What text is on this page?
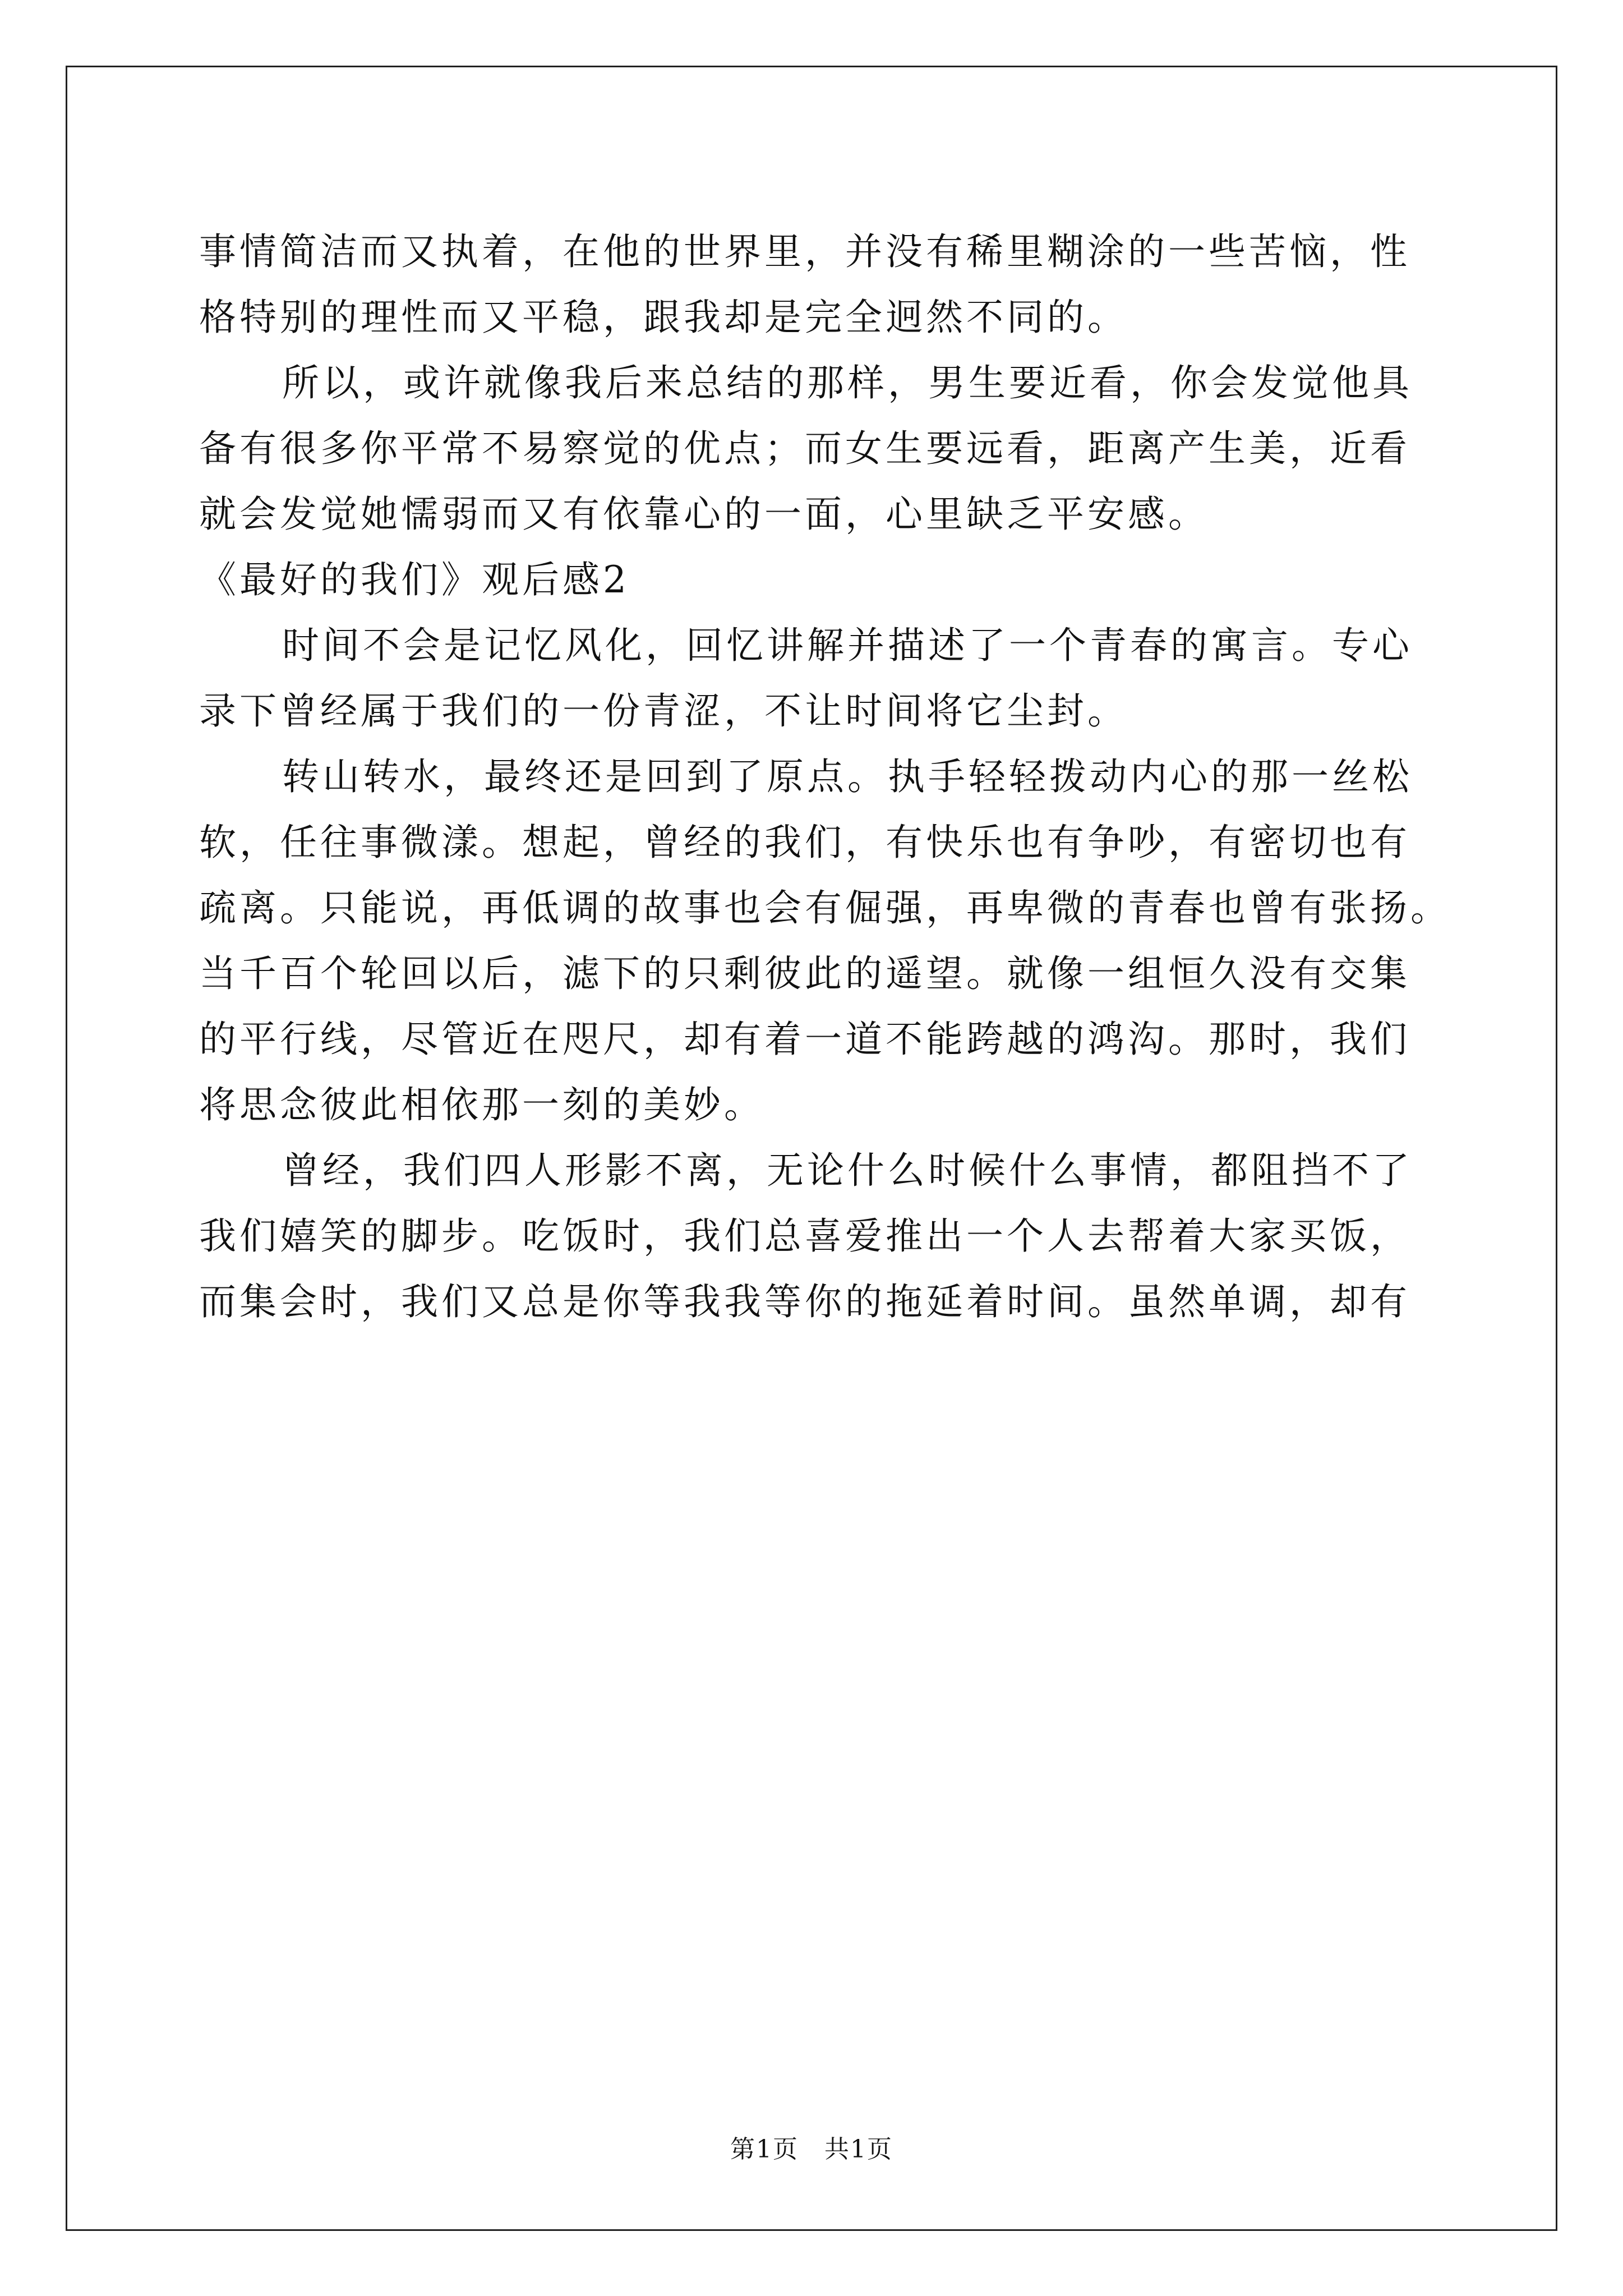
事情简洁而又执着，在他的世界里，并没有稀里糊涂的一些苦恼，性
格特别的理性而又平稳，跟我却是完全迥然不同的。
所以，或许就像我后来总结的那样，男生要近看，你会发觉他具
备有很多你平常不易察觉的优点；而女生要远看，距离产生美，近看
就会发觉她懦弱而又有依靠心的一面，心里缺乏平安感。
《最好的我们》观后感2
时间不会是记忆风化，回忆讲解并描述了一个青春的寓言。专心
录下曾经属于我们的一份青涩，不让时间将它尘封。
转山转水，最终还是回到了原点。执手轻轻拨动内心的那一丝松
软，任往事微漾。想起，曾经的我们，有快乐也有争吵，有密切也有
疏离。只能说，再低调的故事也会有倔强，再卑微的青春也曾有张扬。
当千百个轮回以后，滤下的只剩彼此的遥望。就像一组恒久没有交集
的平行线，尽管近在咫尺，却有着一道不能跨越的鸿沟。那时，我们
将思念彼此相依那一刻的美妙。
曾经，我们四人形影不离，无论什么时候什么事情，都阻挡不了
我们嬉笑的脚步。吃饭时，我们总喜爱推出一个人去帮着大家买饭，
而集会时，我们又总是你等我我等你的拖延着时间。虽然单调，却有
第1页　共1页
